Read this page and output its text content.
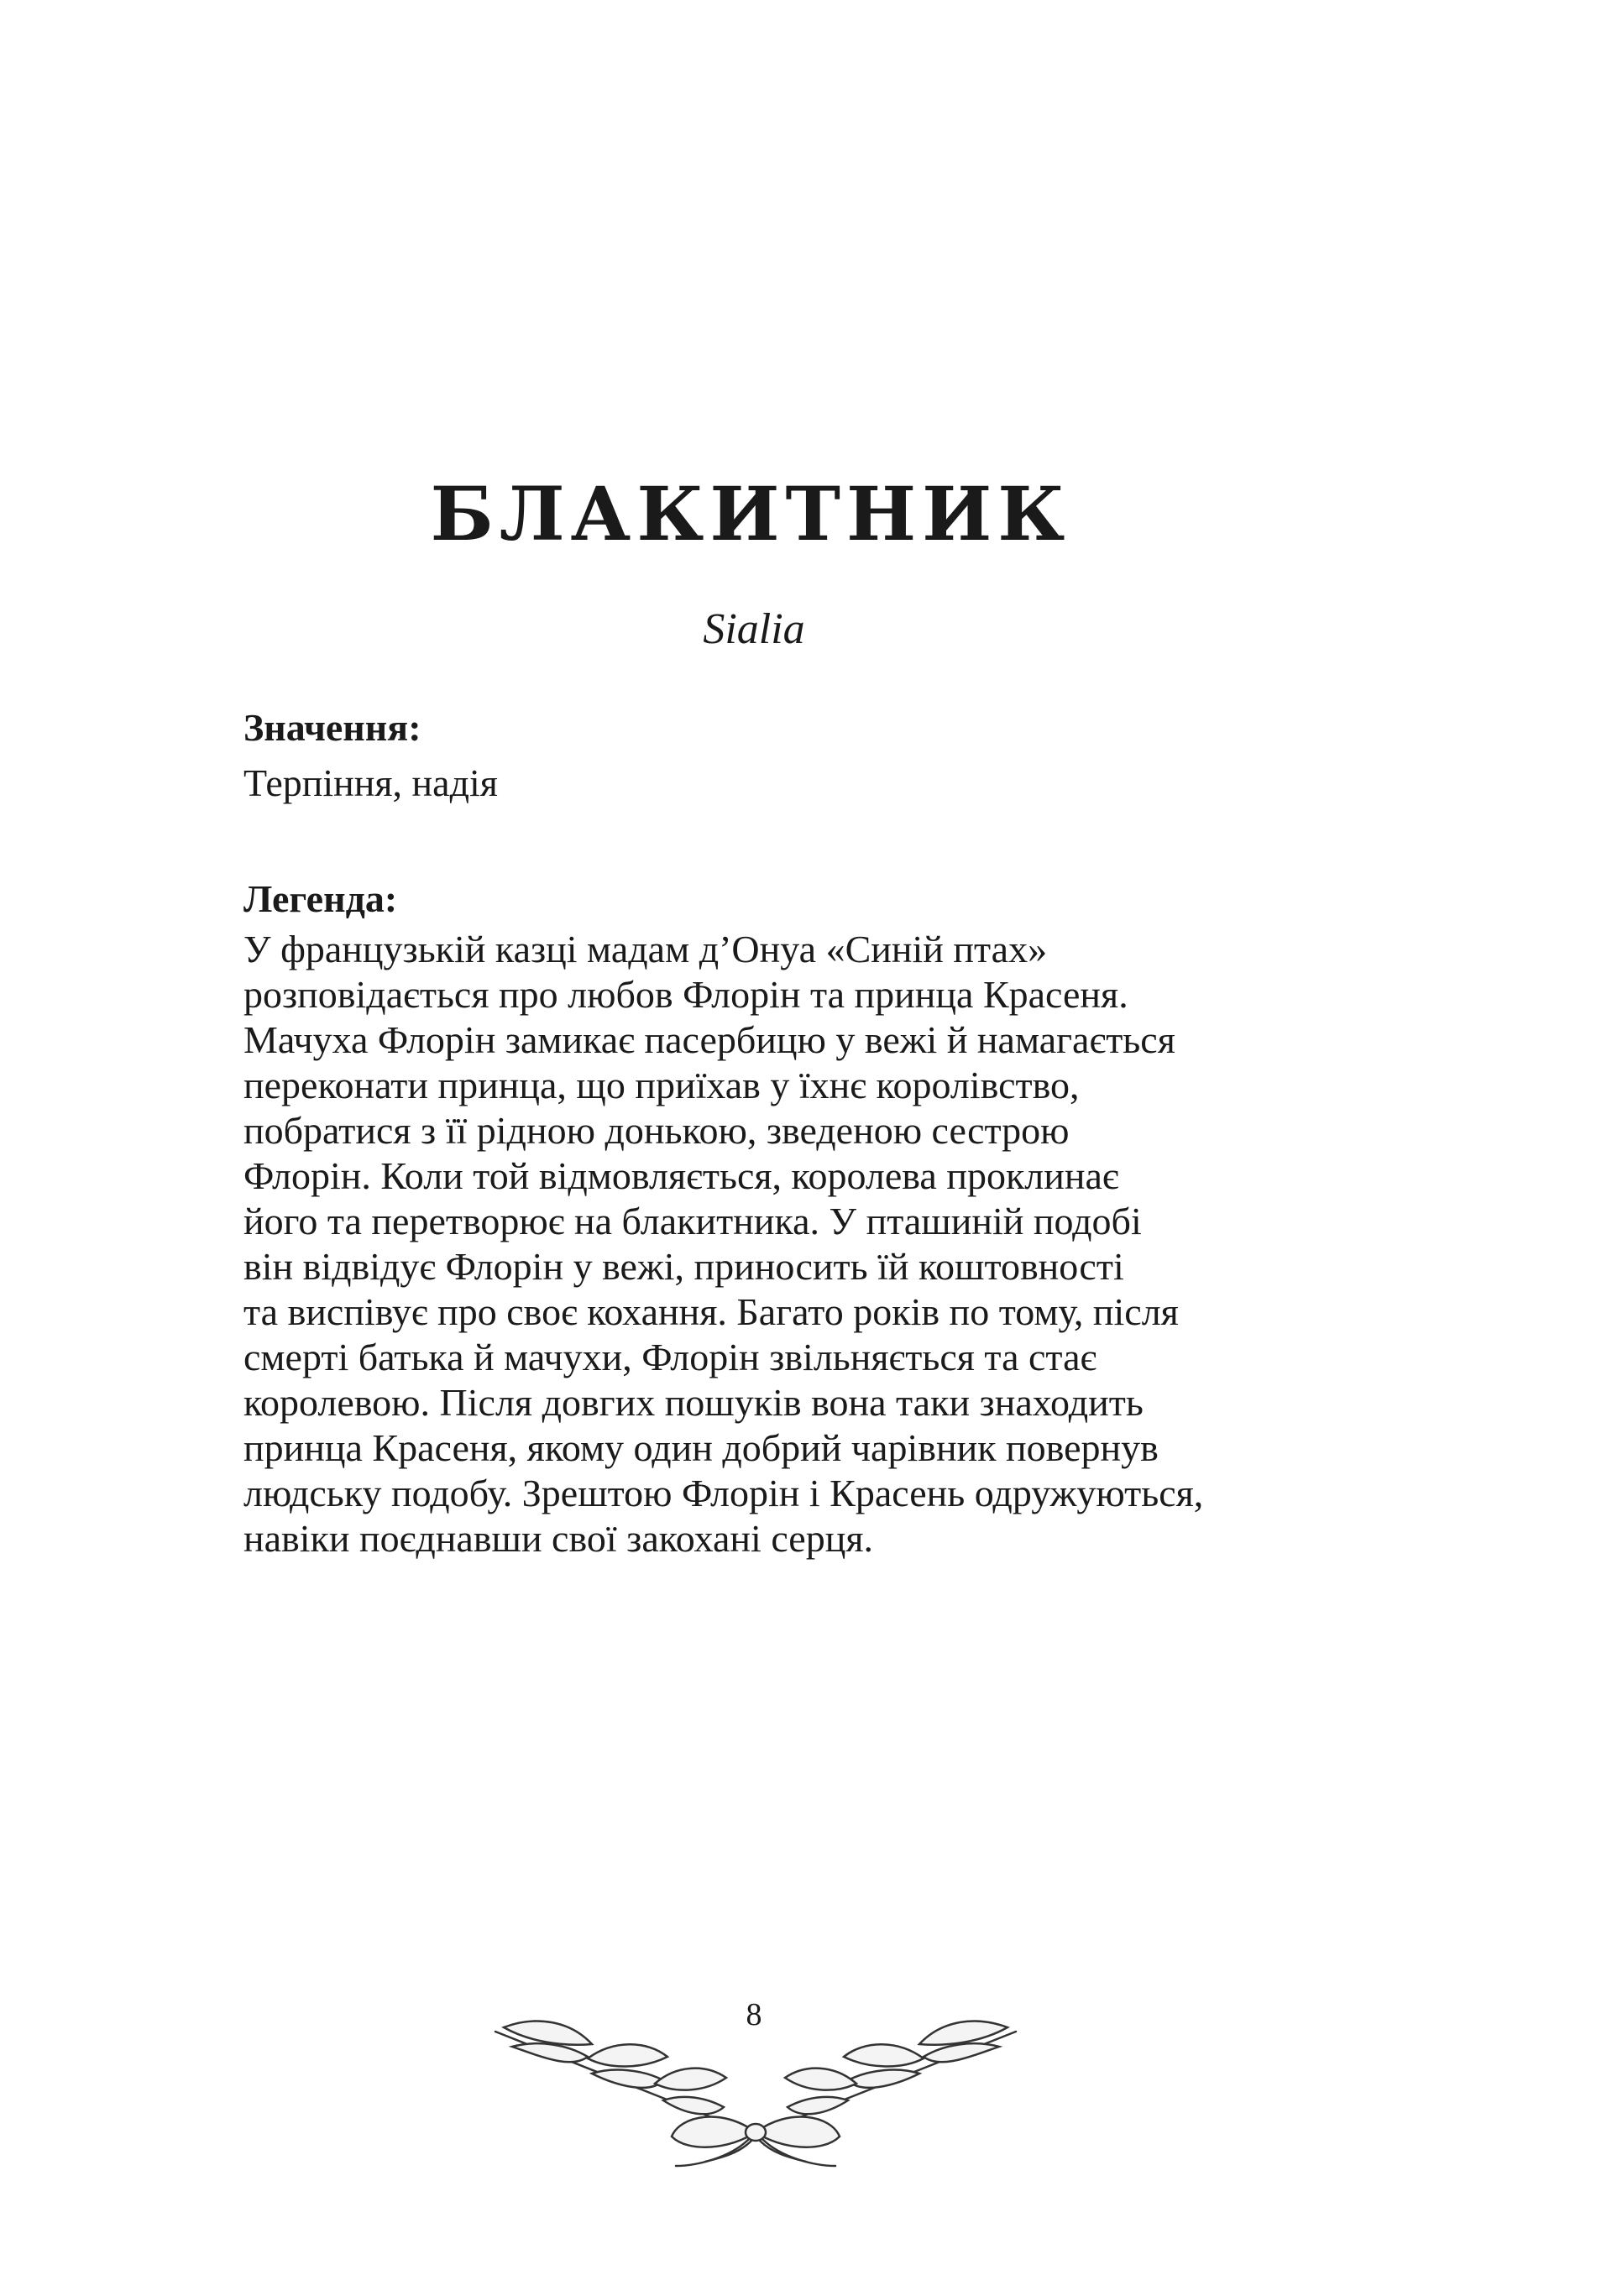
БЛАКИТНИК

Sialia

Значення:

Терпіння, надія

Легенда:

У французькій казці мадам д’Онуа «Синій птах»
розповідається про любов Флорін та принца Красеня.
Мачуха Флорін замикає пасербицю у вежі й намагається
переконати принца, що приїхав у їхнє королівство,
побратися з її рідною донькою, зведеною сестрою
Флорін. Коли той відмовляється, королева проклинає
його та перетворює на блакитника. У пташиній подобі
він відвідує Флорін у вежі, приносить їй коштовності
та виспівує про своє кохання. Багато років по тому, після
смерті батька й мачухи, Флорін звільняється та стає
королевою. Після довгих пошуків вона таки знаходить
принца Красеня, якому один добрий чарівник повернув
людську подобу. Зрештою Флорін і Красень одружуються,
навіки поєднавши свої закохані серця.

8
